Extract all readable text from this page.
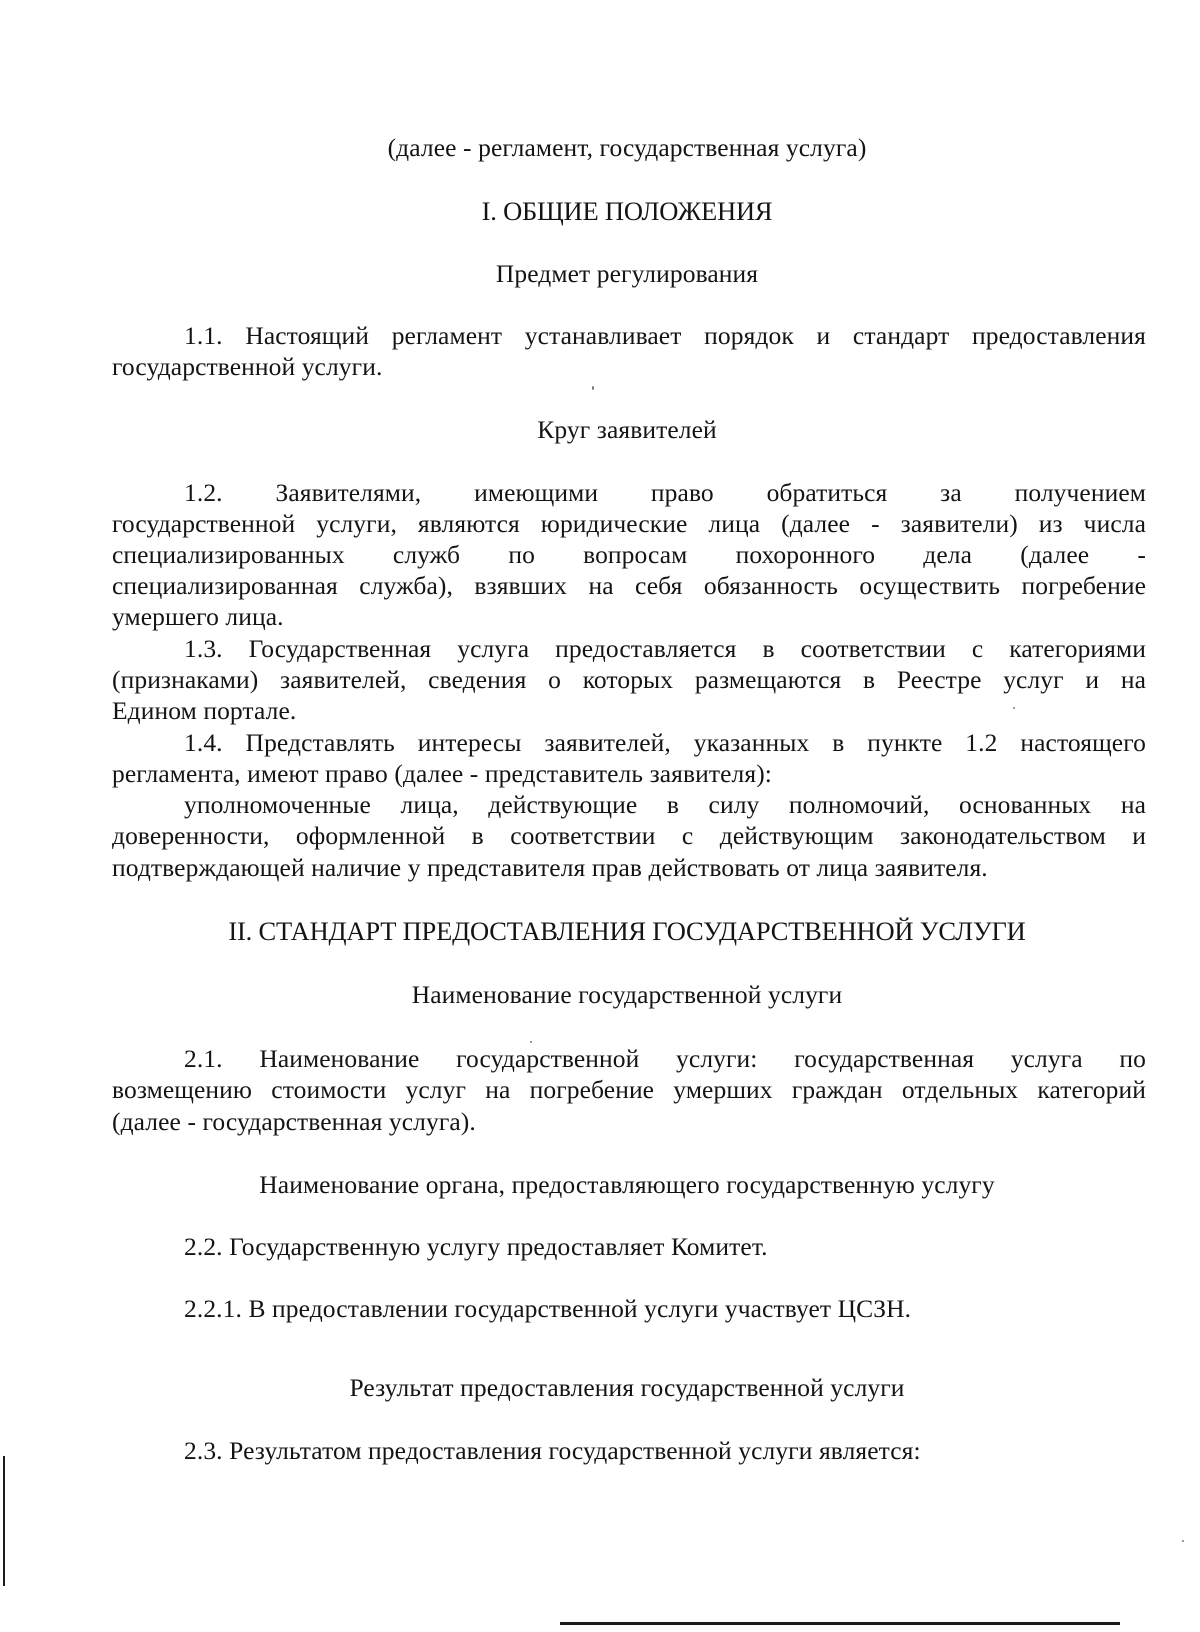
(далее - регламент, государственная услуга)
I. ОБЩИЕ ПОЛОЖЕНИЯ
Предмет регулирования
1.1. Настоящий регламент устанавливает порядок и стандарт предоставления
государственной услуги.
Круг заявителей
1.2. Заявителями, имеющими право обратиться за получением
государственной услуги, являются юридические лица (далее - заявители) из числа
специализированных служб по вопросам похоронного дела (далее -
специализированная служба), взявших на себя обязанность осуществить погребение
умершего лица.
1.3. Государственная услуга предоставляется в соответствии с категориями
(признаками) заявителей, сведения о которых размещаются в Реестре услуг и на
Едином портале.
1.4. Представлять интересы заявителей, указанных в пункте 1.2 настоящего
регламента, имеют право (далее - представитель заявителя):
уполномоченные лица, действующие в силу полномочий, основанных на
доверенности, оформленной в соответствии с действующим законодательством и
подтверждающей наличие у представителя прав действовать от лица заявителя.
II. СТАНДАРТ ПРЕДОСТАВЛЕНИЯ ГОСУДАРСТВЕННОЙ УСЛУГИ
Наименование государственной услуги
2.1. Наименование государственной услуги: государственная услуга по
возмещению стоимости услуг на погребение умерших граждан отдельных категорий
(далее - государственная услуга).
Наименование органа, предоставляющего государственную услугу
2.2. Государственную услугу предоставляет Комитет.
2.2.1. В предоставлении государственной услуги участвует ЦСЗН.
Результат предоставления государственной услуги
2.3. Результатом предоставления государственной услуги является:
